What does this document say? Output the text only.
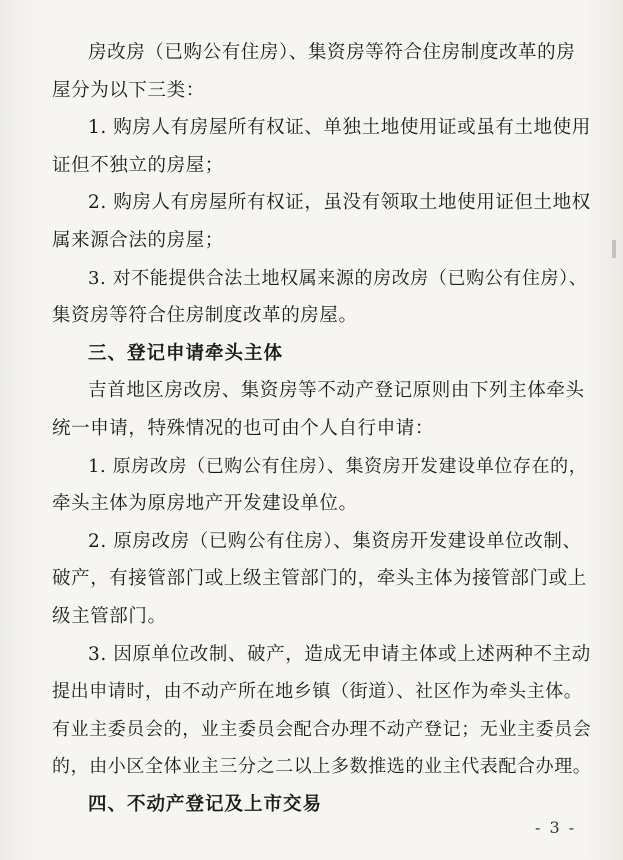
房改房（已购公有住房）、集资房等符合住房制度改革的房
屋分为以下三类：
1. 购房人有房屋所有权证、单独土地使用证或虽有土地使用
证但不独立的房屋；
2. 购房人有房屋所有权证，虽没有领取土地使用证但土地权
属来源合法的房屋；
3. 对不能提供合法土地权属来源的房改房（已购公有住房）、
集资房等符合住房制度改革的房屋。
三、登记申请牵头主体
吉首地区房改房、集资房等不动产登记原则由下列主体牵头
统一申请，特殊情况的也可由个人自行申请：
1. 原房改房（已购公有住房）、集资房开发建设单位存在的，
牵头主体为原房地产开发建设单位。
2. 原房改房（已购公有住房）、集资房开发建设单位改制、
破产，有接管部门或上级主管部门的，牵头主体为接管部门或上
级主管部门。
3. 因原单位改制、破产，造成无申请主体或上述两种不主动
提出申请时，由不动产所在地乡镇（街道）、社区作为牵头主体。
有业主委员会的，业主委员会配合办理不动产登记；无业主委员会
的，由小区全体业主三分之二以上多数推选的业主代表配合办理。
四、不动产登记及上市交易
- 3 -
